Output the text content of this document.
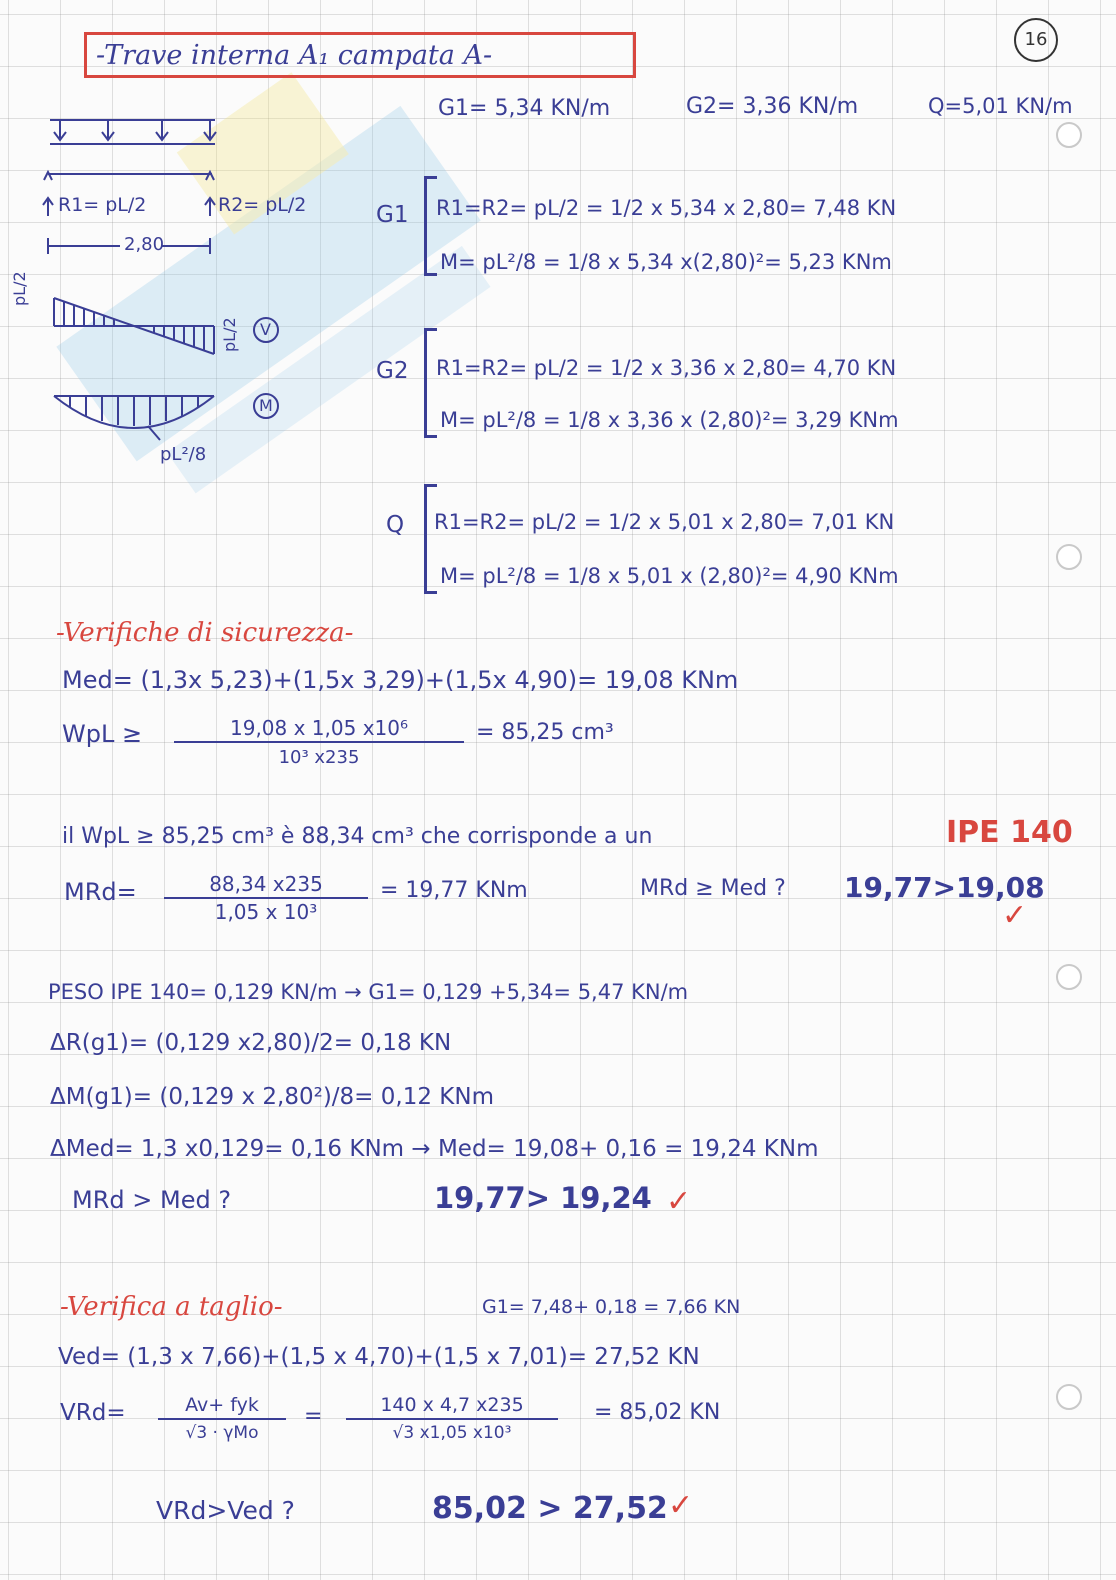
16
-Trave interna A₁ campata A-
G1= 5,34 KN/m	G2= 3,36 KN/m	Q=5,01 KN/m
R1= pL/2	R2= pL/2
2,80
pL/2
pL/2 V
pL²/8
M
G1 R1=R2= pL/2 = 1/2 x 5,34 x 2,80= 7,48 KN
M= pL²/8 = 1/8 x 5,34 x(2,80)²= 5,23 KNm
G2 R1=R2= pL/2 = 1/2 x 3,36 x 2,80= 4,70 KN
M= pL²/8 = 1/8 x 3,36 x (2,80)²= 3,29 KNm
Q R1=R2= pL/2 = 1/2 x 5,01 x 2,80= 7,01 KN
M= pL²/8 = 1/8 x 5,01 x (2,80)²= 4,90 KNm
-Verifiche di sicurezza-
Med= (1,3x 5,23)+(1,5x 3,29)+(1,5x 4,90)= 19,08 KNm
WpL ≥	19,08 x 1,05 x10⁶
10³ x235
= 85,25 cm³
il WpL ≥ 85,25 cm³ è 88,34 cm³ che corrisponde a un	IPE 140
MRd=	88,34 x235
1,05 x 10³
= 19,77 KNm	MRd ≥ Med ? 19,77>19,08
✓
PESO IPE 140= 0,129 KN/m → G1= 0,129 +5,34= 5,47 KN/m
ΔR(g1)= (0,129 x2,80)/2= 0,18 KN
ΔM(g1)= (0,129 x 2,80²)/8= 0,12 KNm
ΔMed= 1,3 x0,129= 0,16 KNm → Med= 19,08+ 0,16 = 19,24 KNm
MRd > Med ?	19,77> 19,24 ✓
-Verifica a taglio-	G1= 7,48+ 0,18 = 7,66 KN
Ved= (1,3 x 7,66)+(1,5 x 4,70)+(1,5 x 7,01)= 27,52 KN
VRd=	Av+ fyk
√3 · γMo
=	140 x 4,7 x235
√3 x1,05 x10³
= 85,02 KN
VRd>Ved ?	85,02 > 27,52 ✓
